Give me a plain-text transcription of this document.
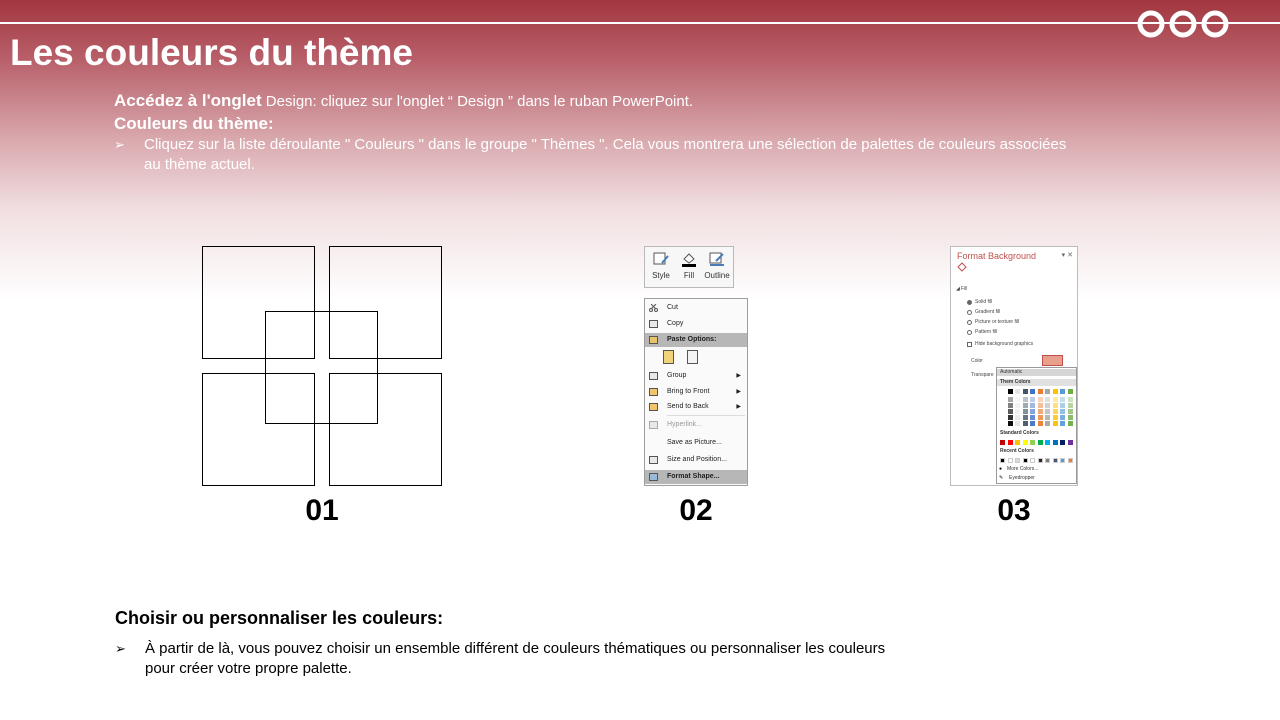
Les couleurs du thème
Accédez à l'onglet Design: cliquez sur l'onglet “ Design ” dans le ruban PowerPoint.
Couleurs du thème:
➢ Cliquez sur la liste déroulante " Couleurs " dans le groupe " Thèmes ". Cela vous montrera une sélection de palettes de couleurs associées au thème actuel.
01
Style	Fill	Outline
Cut
Copy
Paste Options:
Group	▶
Bring to Front	▶
Send to Back	▶
Hyperlink...
Save as Picture...
Size and Position...
Format Shape...
02
Format Background	▾ ✕
Fill
◢
Solid fill
Gradient fill
Picture or texture fill
Pattern fill
Hide background graphics
Color
Transpare	Automatic
Them Colors
Standard Colors
Recent Colors
More Colors...
Eyedropper
●
✎
03
Choisir ou personnaliser les couleurs:
➢ À partir de là, vous pouvez choisir un ensemble différent de couleurs thématiques ou personnaliser les couleurs pour créer votre propre palette.
